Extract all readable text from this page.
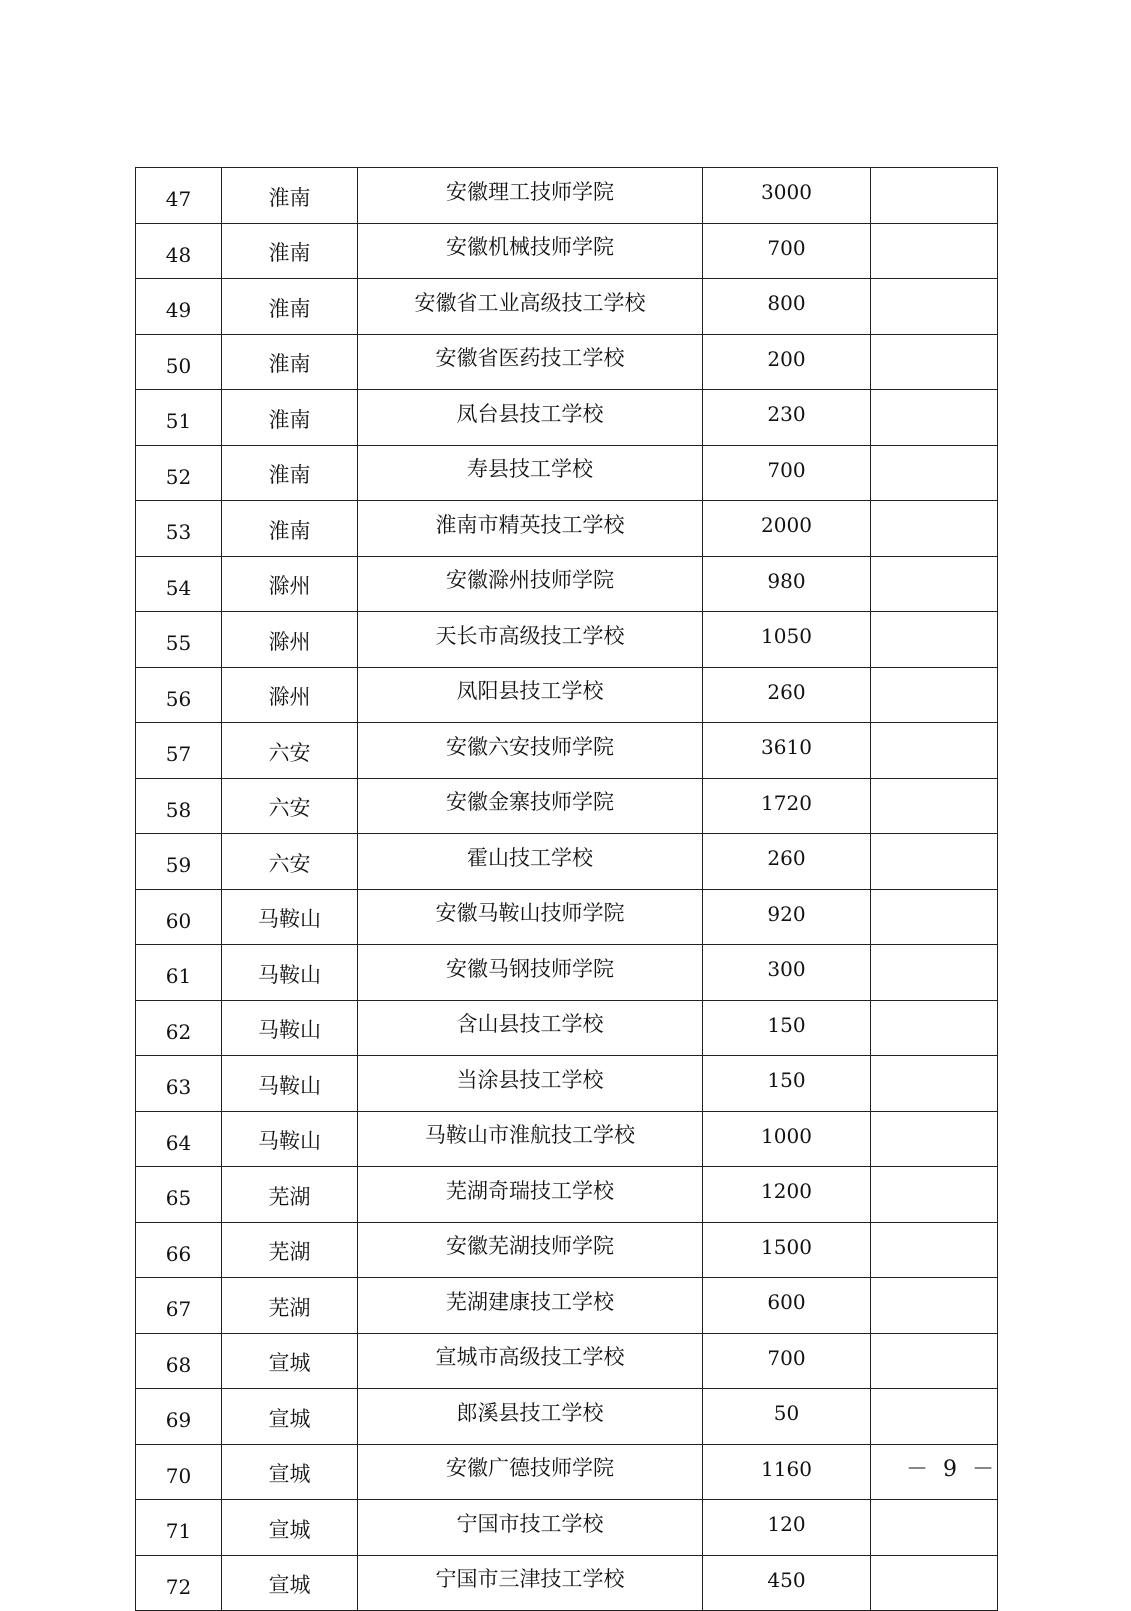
47	淮南	安徽理工技师学院	3000	
48	淮南	安徽机械技师学院	700	
49	淮南	安徽省工业高级技工学校	800	
50	淮南	安徽省医药技工学校	200	
51	淮南	凤台县技工学校	230	
52	淮南	寿县技工学校	700	
53	淮南	淮南市精英技工学校	2000	
54	滁州	安徽滁州技师学院	980	
55	滁州	天长市高级技工学校	1050	
56	滁州	凤阳县技工学校	260	
57	六安	安徽六安技师学院	3610	
58	六安	安徽金寨技师学院	1720	
59	六安	霍山技工学校	260	
60	马鞍山	安徽马鞍山技师学院	920	
61	马鞍山	安徽马钢技师学院	300	
62	马鞍山	含山县技工学校	150	
63	马鞍山	当涂县技工学校	150	
64	马鞍山	马鞍山市淮航技工学校	1000	
65	芜湖	芜湖奇瑞技工学校	1200	
66	芜湖	安徽芜湖技师学院	1500	
67	芜湖	芜湖建康技工学校	600	
68	宣城	宣城市高级技工学校	700	
69	宣城	郎溪县技工学校	50	
70	宣城	安徽广德技师学院	1160	
71	宣城	宁国市技工学校	120	
72	宣城	宁国市三津技工学校	450	
－ 9 －
